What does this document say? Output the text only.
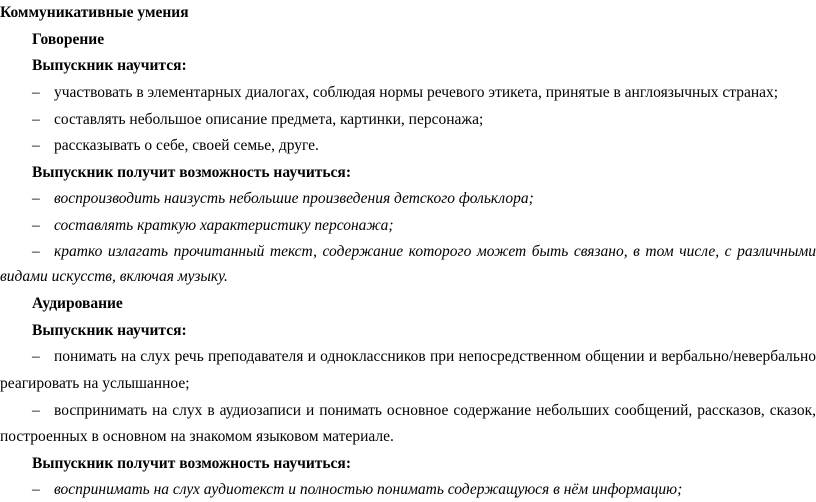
Коммуникативные умения
Говорение
Выпускник научится:
– участвовать в элементарных диалогах, соблюдая нормы речевого этикета, принятые в англоязычных странах;
– составлять небольшое описание предмета, картинки, персонажа;
– рассказывать о себе, своей семье, друге.
Выпускник получит возможность научиться:
– воспроизводить наизусть небольшие произведения детского фольклора;
– составлять краткую характеристику персонажа;
– кратко излагать прочитанный текст, содержание которого может быть связано, в том числе, с различными
видами искусств, включая музыку.
Аудирование
Выпускник научится:
– понимать на слух речь преподавателя и одноклассников при непосредственном общении и вербально/невербально
реагировать на услышанное;
– воспринимать на слух в аудиозаписи и понимать основное содержание небольших сообщений, рассказов, сказок,
построенных в основном на знакомом языковом материале.
Выпускник получит возможность научиться:
– воспринимать на слух аудиотекст и полностью понимать содержащуюся в нём информацию;
